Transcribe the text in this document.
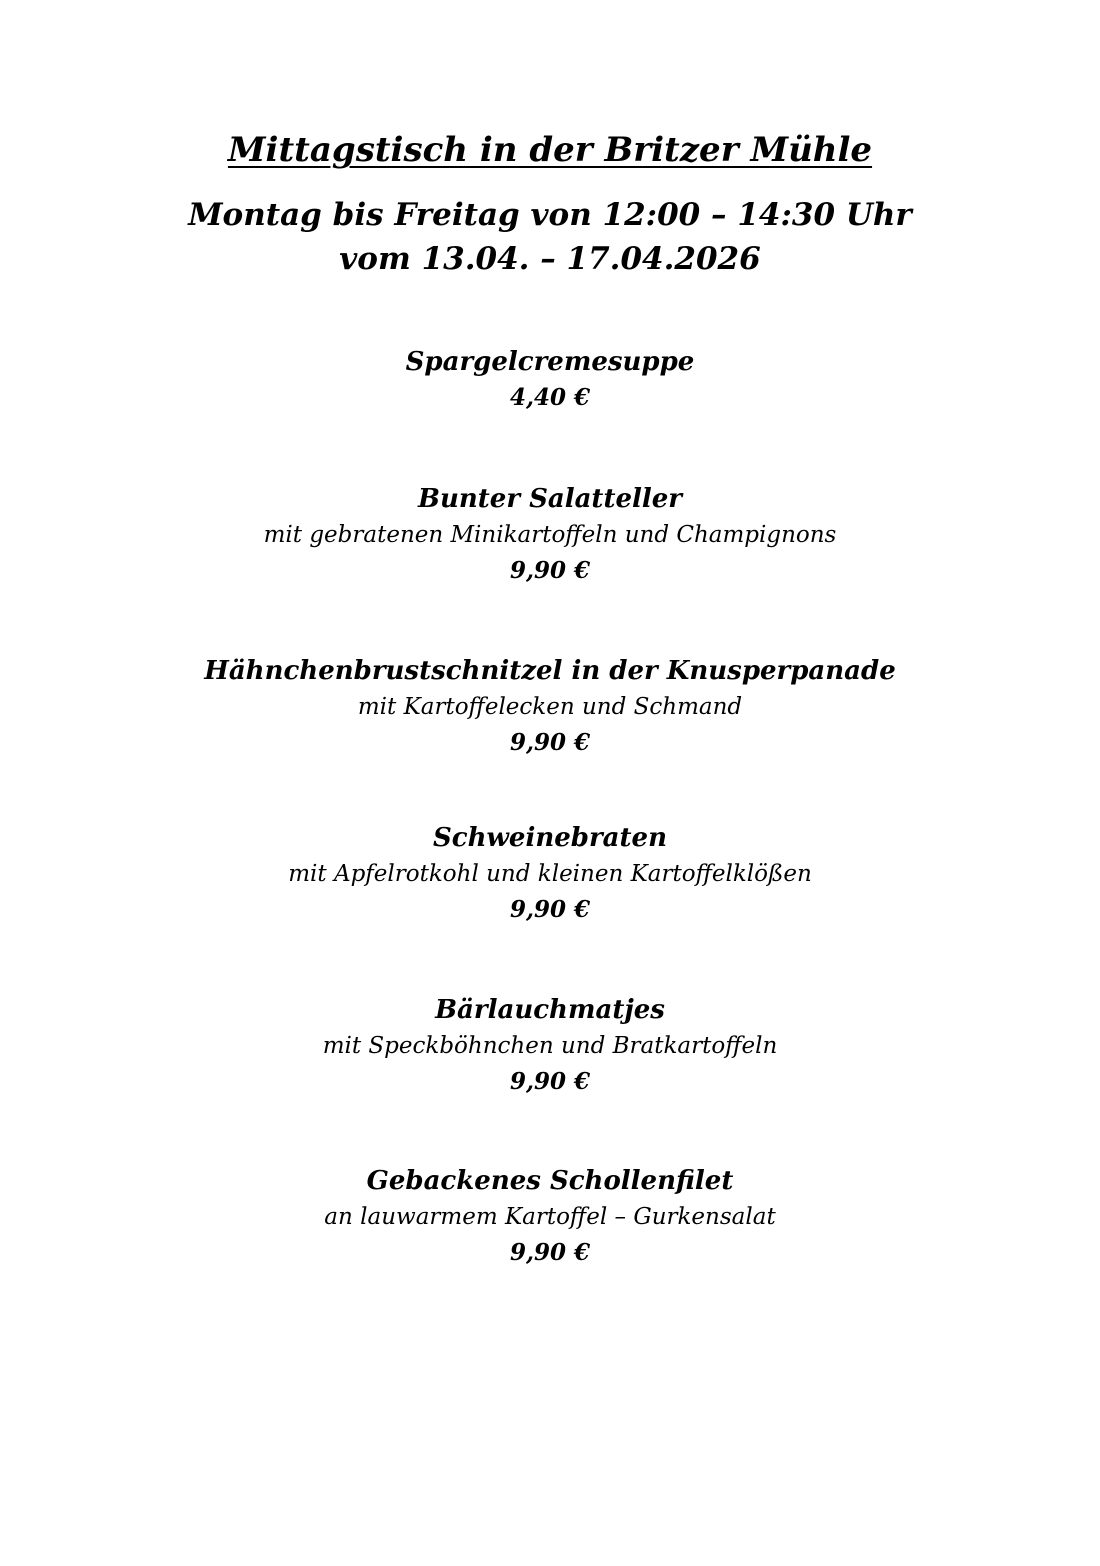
Mittagstisch in der Britzer Mühle
Montag bis Freitag von 12:00 – 14:30 Uhr
vom 13.04. – 17.04.2026
Spargelcremesuppe
4,40 €
Bunter Salatteller
mit gebratenen Minikartoffeln und Champignons
9,90 €
Hähnchenbrustschnitzel in der Knusperpanade
mit Kartoffelecken und Schmand
9,90 €
Schweinebraten
mit Apfelrotkohl und kleinen Kartoffelklößen
9,90 €
Bärlauchmatjes
mit Speckböhnchen und Bratkartoffeln
9,90 €
Gebackenes Schollenfilet
an lauwarmem Kartoffel – Gurkensalat
9,90 €
